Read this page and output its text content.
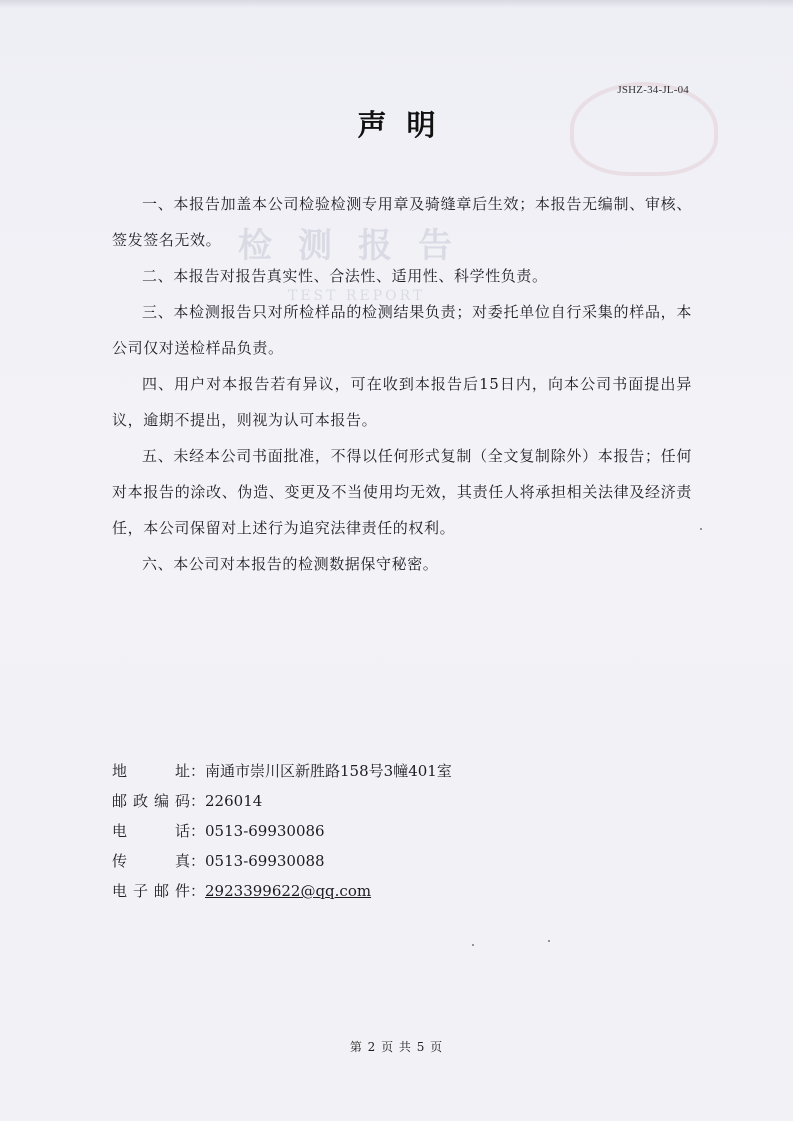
检测报告
TEST REPORT
JSHZ-34-JL-04
声明

一、本报告加盖本公司检验检测专用章及骑缝章后生效；本报告无编制、审核、签发签名无效。

二、本报告对报告真实性、合法性、适用性、科学性负责。

三、本检测报告只对所检样品的检测结果负责；对委托单位自行采集的样品，本公司仅对送检样品负责。

四、用户对本报告若有异议，可在收到本报告后15日内，向本公司书面提出异议，逾期不提出，则视为认可本报告。

五、未经本公司书面批准，不得以任何形式复制（全文复制除外）本报告；任何对本报告的涂改、伪造、变更及不当使用均无效，其责任人将承担相关法律及经济责任，本公司保留对上述行为追究法律责任的权利。

六、本公司对本报告的检测数据保守秘密。

地　址 ： 南通市崇川区新胜路158号3幢401室
邮政编码 ： 226014
电　话 ： 0513-69930086
传　真 ： 0513-69930088
电子邮件 ： 2923399622@qq.com
第 2 页 共 5 页
